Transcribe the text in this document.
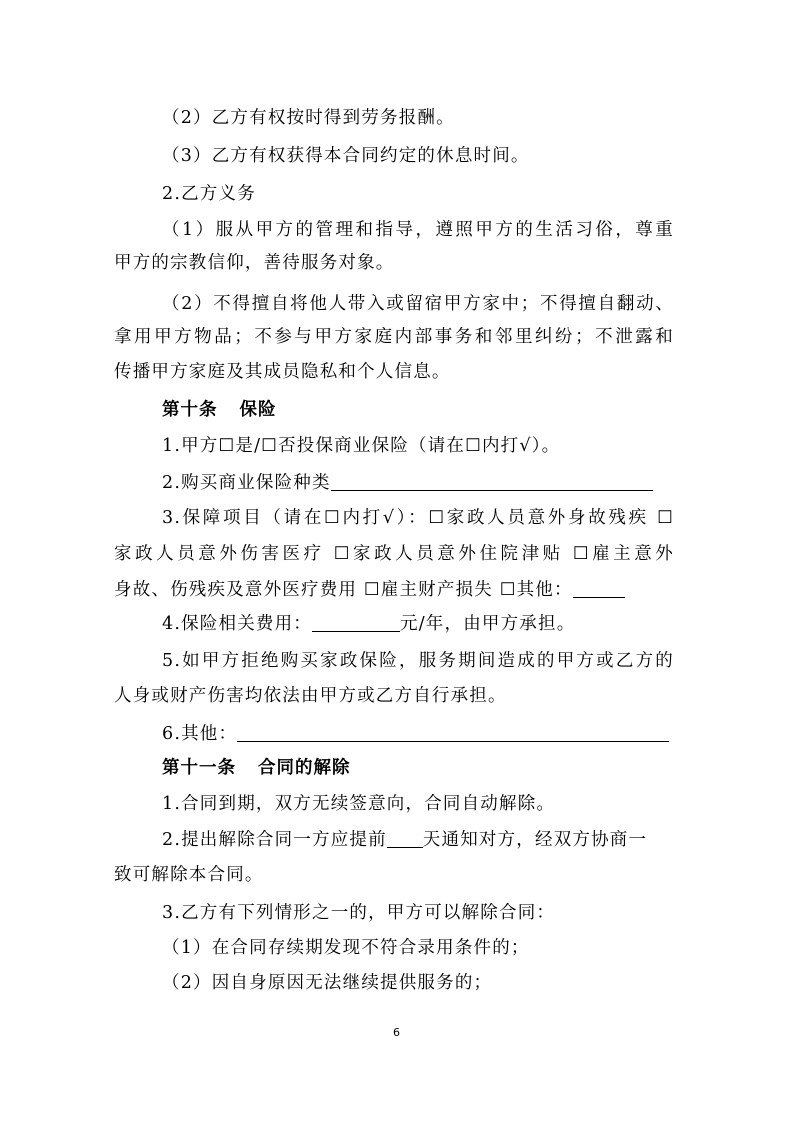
（2）乙方有权按时得到劳务报酬。
（3）乙方有权获得本合同约定的休息时间。
2.乙方义务
（1）服从甲方的管理和指导，遵照甲方的生活习俗，尊重
甲方的宗教信仰，善待服务对象。
（2）不得擅自将他人带入或留宿甲方家中；不得擅自翻动、
拿用甲方物品；不参与甲方家庭内部事务和邻里纠纷；不泄露和
传播甲方家庭及其成员隐私和个人信息。
第十条 保险
1.甲方☐是/☐否投保商业保险（请在☐内打√）。
2.购买商业保险种类
3.保障项目（请在☐内打√）：☐家政人员意外身故残疾 ☐
家政人员意外伤害医疗 ☐家政人员意外住院津贴 ☐雇主意外
身故、伤残疾及意外医疗费用 ☐雇主财产损失 ☐其他：
4.保险相关费用：	元/年，由甲方承担。
5.如甲方拒绝购买家政保险，服务期间造成的甲方或乙方的
人身或财产伤害均依法由甲方或乙方自行承担。
6.其他：
第十一条 合同的解除
1.合同到期，双方无续签意向，合同自动解除。
2.提出解除合同一方应提前 天通知对方，经双方协商一
致可解除本合同。
3.乙方有下列情形之一的，甲方可以解除合同：
（1）在合同存续期发现不符合录用条件的；
（2）因自身原因无法继续提供服务的；
6
